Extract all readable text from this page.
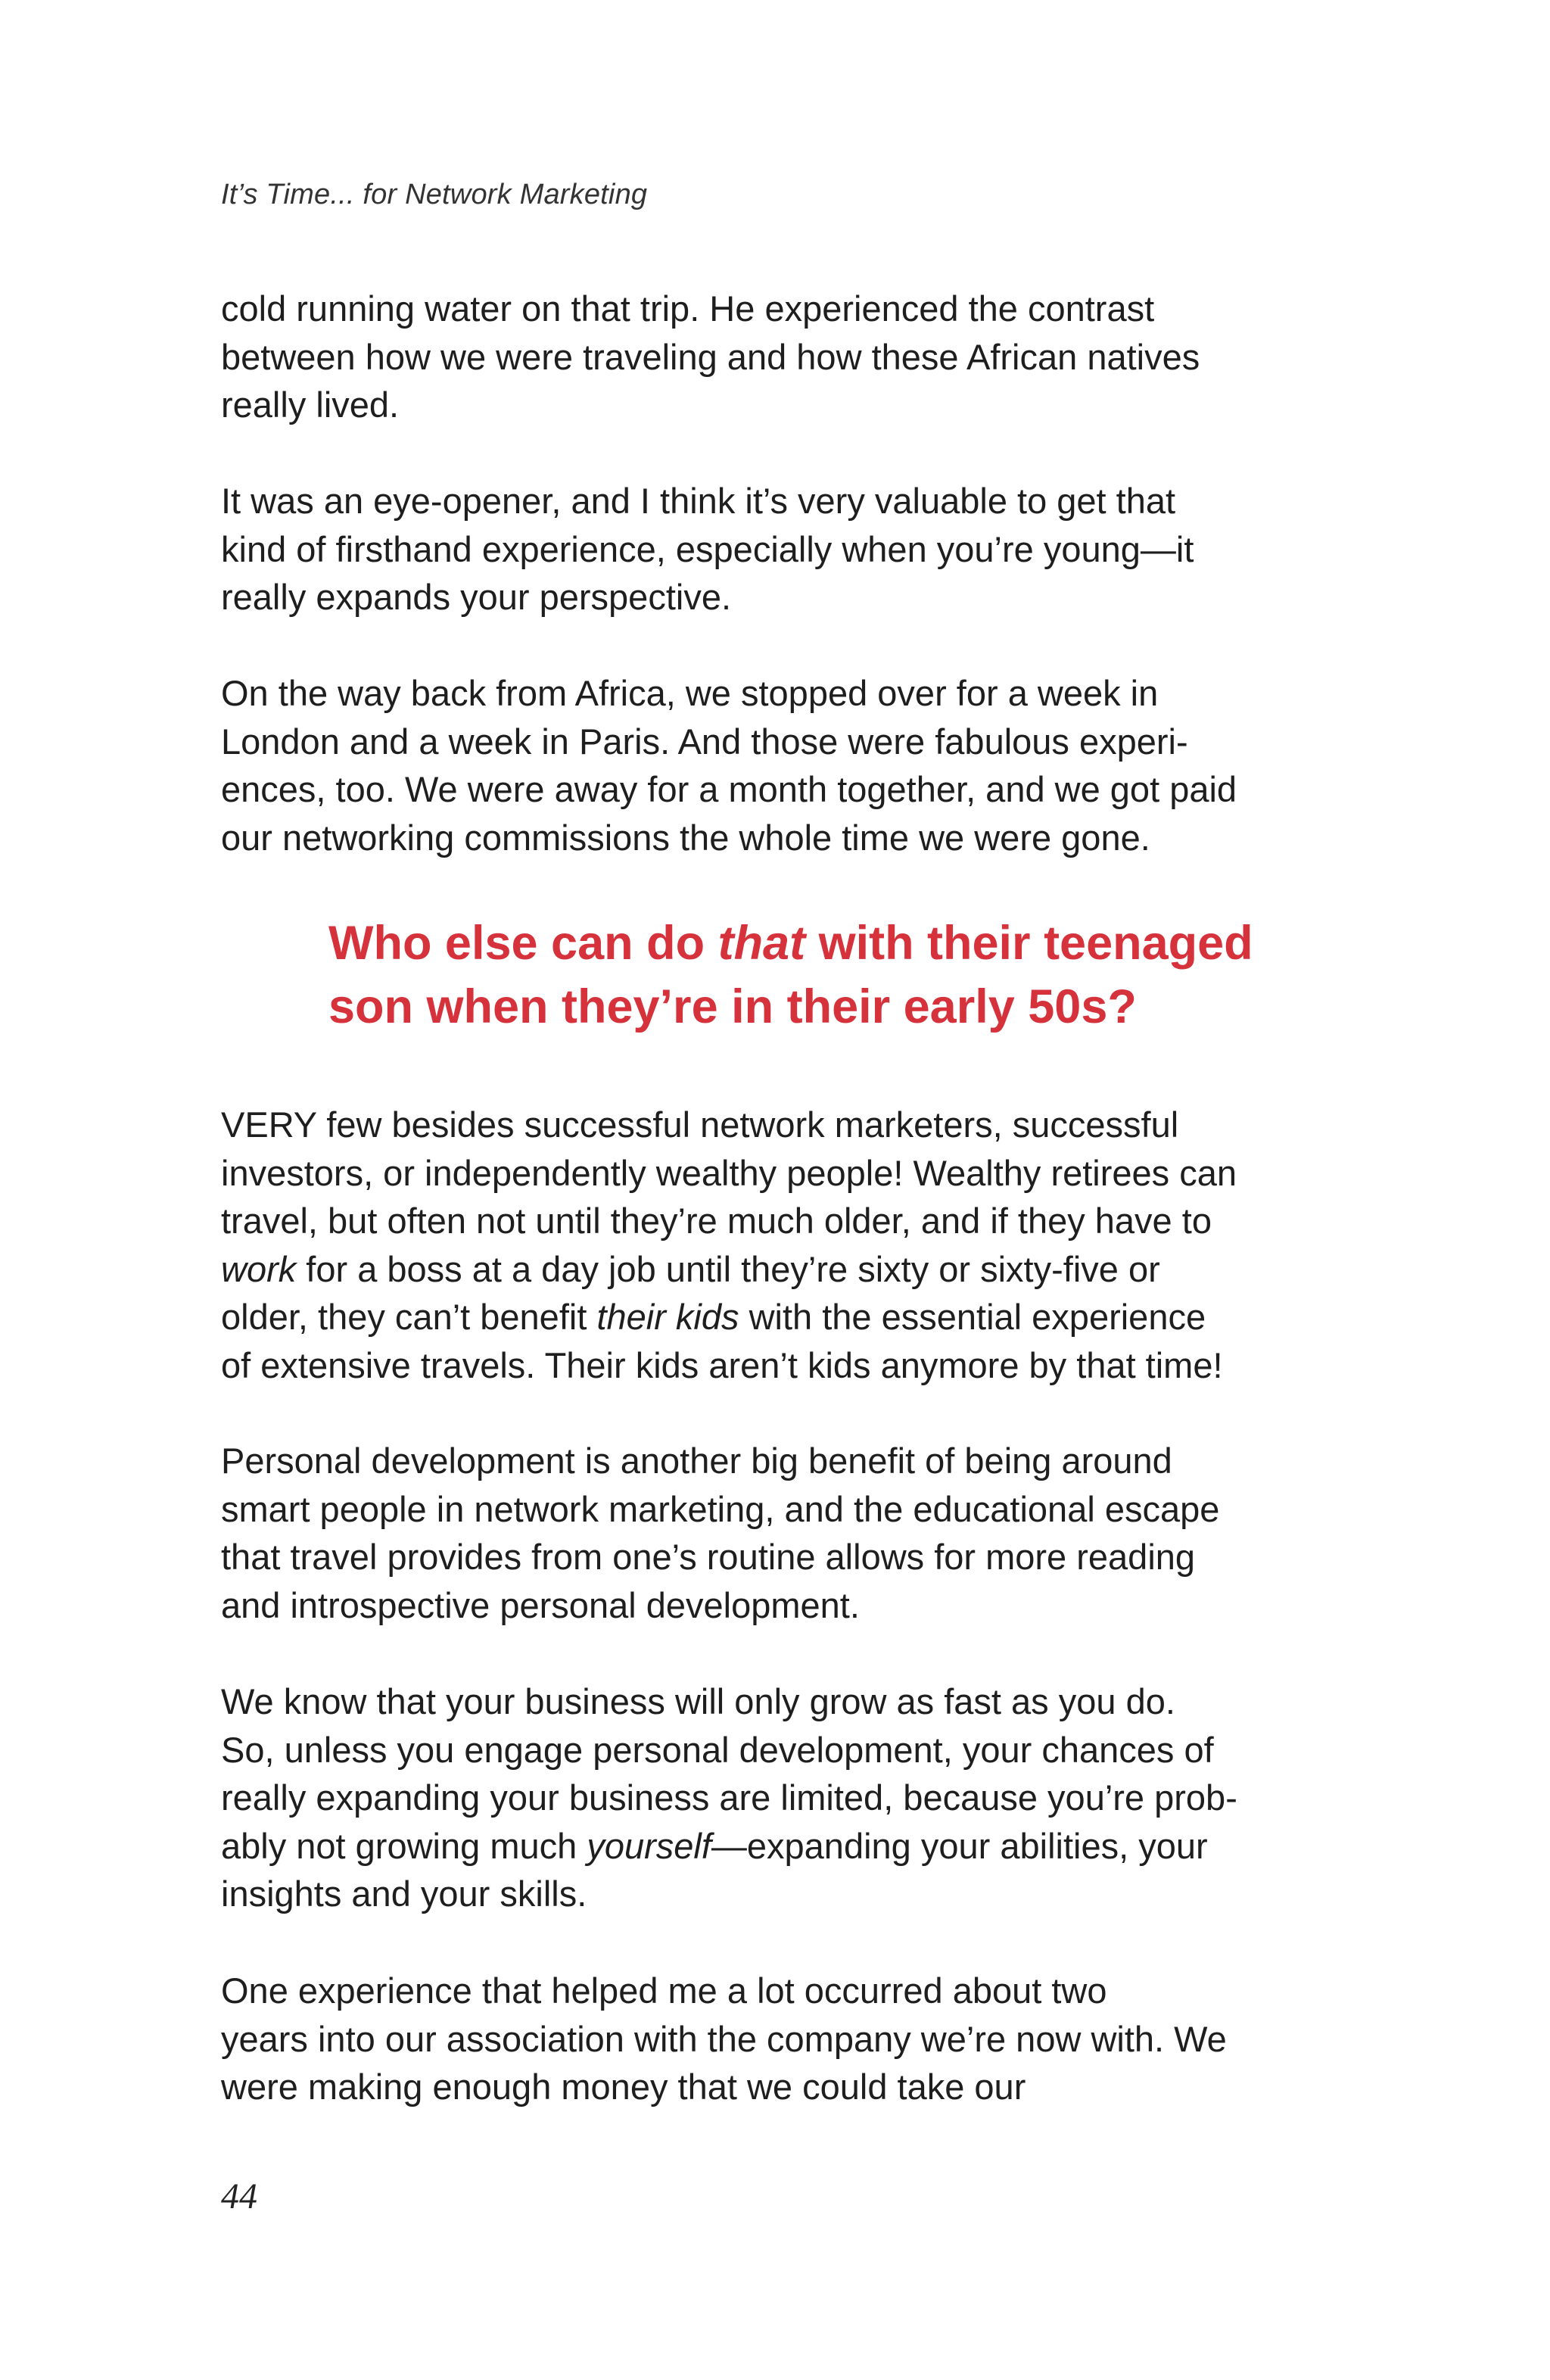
It’s Time... for Network Marketing
cold running water on that trip. He experienced the contrast
between how we were traveling and how these African natives
really lived.
It was an eye-opener, and I think it’s very valuable to get that
kind of firsthand experience, especially when you’re young—it
really expands your perspective.
On the way back from Africa, we stopped over for a week in
London and a week in Paris. And those were fabulous experi-
ences, too. We were away for a month together, and we got paid
our networking commissions the whole time we were gone.
Who else can do that with their teenaged
son when they’re in their early 50s?
VERY few besides successful network marketers, successful
investors, or independently wealthy people! Wealthy retirees can
travel, but often not until they’re much older, and if they have to
work for a boss at a day job until they’re sixty or sixty-five or
older, they can’t benefit their kids with the essential experience
of extensive travels. Their kids aren’t kids anymore by that time!
Personal development is another big benefit of being around
smart people in network marketing, and the educational escape
that travel provides from one’s routine allows for more reading
and introspective personal development.
We know that your business will only grow as fast as you do.
So, unless you engage personal development, your chances of
really expanding your business are limited, because you’re prob-
ably not growing much yourself—expanding your abilities, your
insights and your skills.
One experience that helped me a lot occurred about two
years into our association with the company we’re now with. We
were making enough money that we could take our
44
